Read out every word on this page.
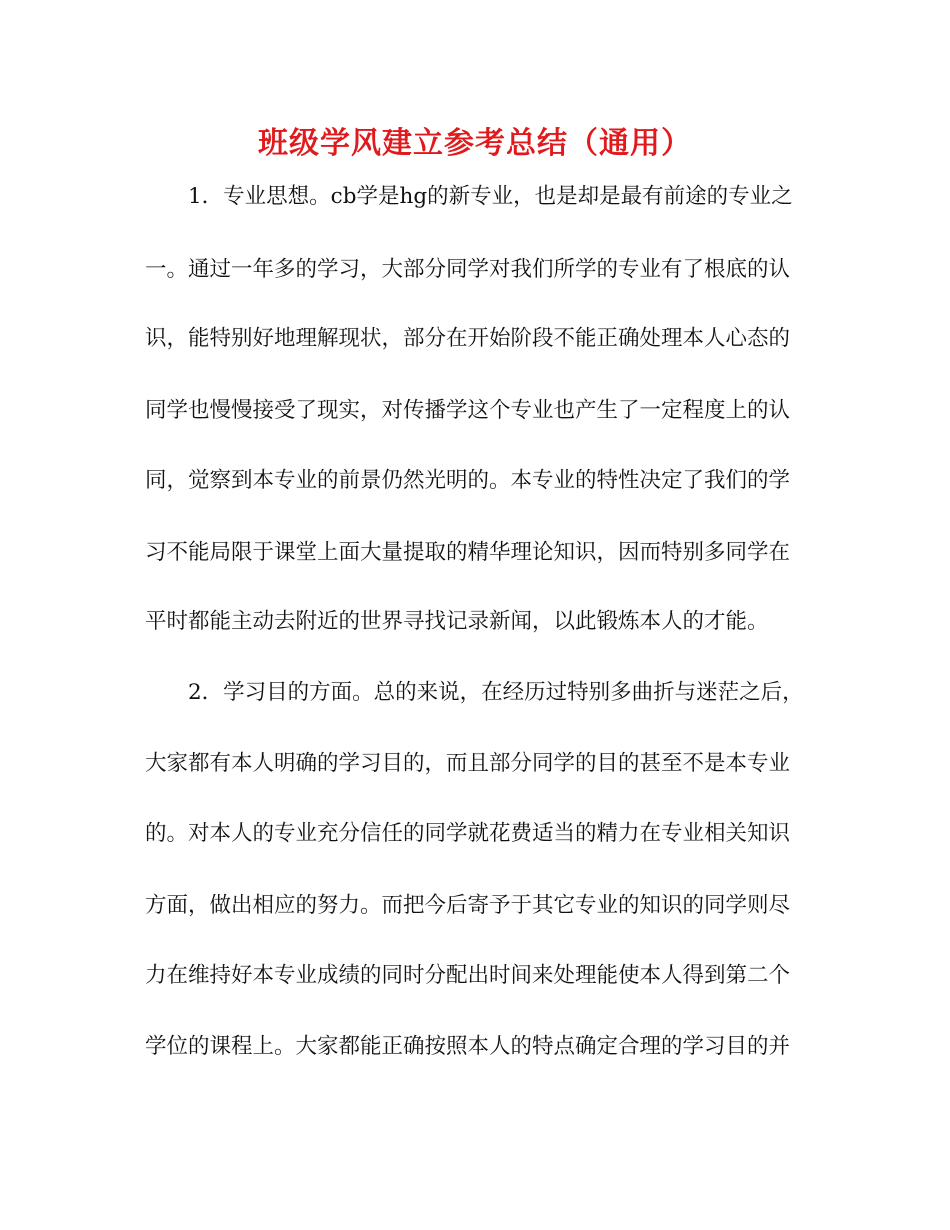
班级学风建立参考总结（通用）
1．专业思想。cb学是hg的新专业，也是却是最有前途的专业之
一。通过一年多的学习，大部分同学对我们所学的专业有了根底的认
识，能特别好地理解现状，部分在开始阶段不能正确处理本人心态的
同学也慢慢接受了现实，对传播学这个专业也产生了一定程度上的认
同，觉察到本专业的前景仍然光明的。本专业的特性决定了我们的学
习不能局限于课堂上面大量提取的精华理论知识，因而特别多同学在
平时都能主动去附近的世界寻找记录新闻，以此锻炼本人的才能。
2．学习目的方面。总的来说，在经历过特别多曲折与迷茫之后，
大家都有本人明确的学习目的，而且部分同学的目的甚至不是本专业
的。对本人的专业充分信任的同学就花费适当的精力在专业相关知识
方面，做出相应的努力。而把今后寄予于其它专业的知识的同学则尽
力在维持好本专业成绩的同时分配出时间来处理能使本人得到第二个
学位的课程上。大家都能正确按照本人的特点确定合理的学习目的并
